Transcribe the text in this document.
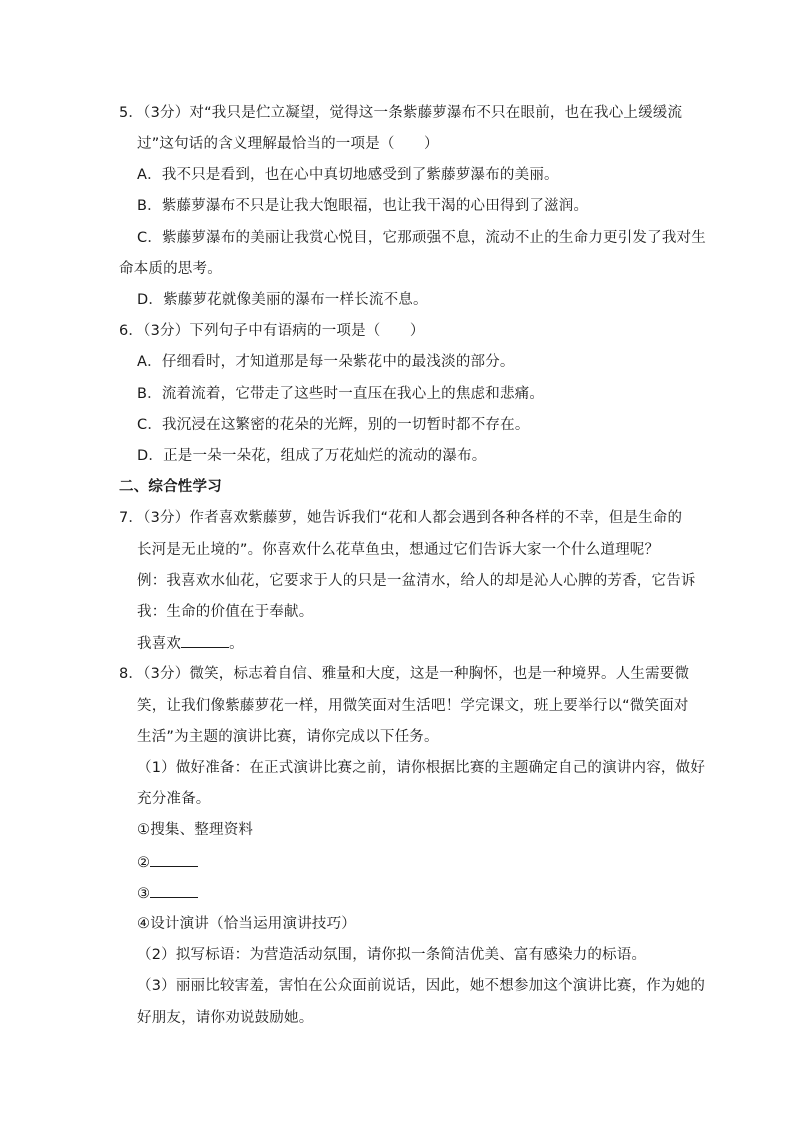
5．（3分）对“我只是伫立凝望，觉得这一条紫藤萝瀑布不只在眼前，也在我心上缓缓流
过”这句话的含义理解最恰当的一项是（　　）
A．我不只是看到，也在心中真切地感受到了紫藤萝瀑布的美丽。
B．紫藤萝瀑布不只是让我大饱眼福，也让我干渴的心田得到了滋润。
C．紫藤萝瀑布的美丽让我赏心悦目，它那顽强不息，流动不止的生命力更引发了我对生
命本质的思考。
D．紫藤萝花就像美丽的瀑布一样长流不息。
6．（3分）下列句子中有语病的一项是（　　）
A．仔细看时，才知道那是每一朵紫花中的最浅淡的部分。
B．流着流着，它带走了这些时一直压在我心上的焦虑和悲痛。
C．我沉浸在这繁密的花朵的光辉，别的一切暂时都不存在。
D．正是一朵一朵花，组成了万花灿烂的流动的瀑布。
二、综合性学习
7．（3分）作者喜欢紫藤萝，她告诉我们“花和人都会遇到各种各样的不幸，但是生命的
长河是无止境的”。你喜欢什么花草鱼虫，想通过它们告诉大家一个什么道理呢？
例：我喜欢水仙花，它要求于人的只是一盆清水，给人的却是沁人心脾的芳香，它告诉
我：生命的价值在于奉献。
我喜欢	。
8．（3分）微笑，标志着自信、雅量和大度，这是一种胸怀，也是一种境界。人生需要微
笑，让我们像紫藤萝花一样，用微笑面对生活吧！学完课文，班上要举行以“微笑面对
生活”为主题的演讲比赛，请你完成以下任务。
（1）做好准备：在正式演讲比赛之前，请你根据比赛的主题确定自己的演讲内容，做好
充分准备。
①搜集、整理资料
②
③
④设计演讲（恰当运用演讲技巧）
（2）拟写标语：为营造活动氛围，请你拟一条简洁优美、富有感染力的标语。
（3）丽丽比较害羞，害怕在公众面前说话，因此，她不想参加这个演讲比赛，作为她的
好朋友，请你劝说鼓励她。
